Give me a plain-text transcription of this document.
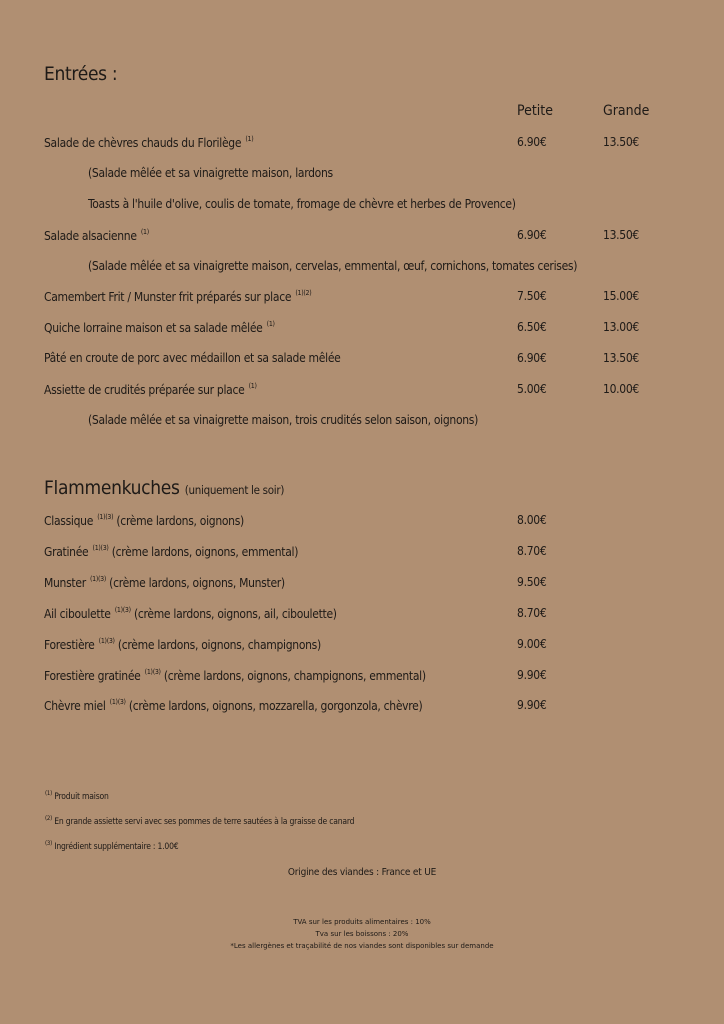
Entrées :
Petite	Grande
Salade de chèvres chauds du Florilège $^{(1)}$	6.90€	13.50€
(Salade mêlée et sa vinaigrette maison, lardons
Toasts à l'huile d'olive, coulis de tomate, fromage de chèvre et herbes de Provence)
Salade alsacienne $^{(1)}$	6.90€	13.50€
(Salade mêlée et sa vinaigrette maison, cervelas, emmental, œuf, cornichons, tomates cerises)
Camembert Frit / Munster frit préparés sur place $^{(1)(2)}$	7.50€	15.00€
Quiche lorraine maison et sa salade mêlée $^{(1)}$	6.50€	13.00€
Pâté en croute de porc avec médaillon et sa salade mêlée	6.90€	13.50€
Assiette de crudités préparée sur place $^{(1)}$	5.00€	10.00€
(Salade mêlée et sa vinaigrette maison, trois crudités selon saison, oignons)
Flammenkuches (uniquement le soir)
Classique $^{(1)(3)}$ (crème lardons, oignons)	8.00€
Gratinée $^{(1)(3)}$ (crème lardons, oignons, emmental)	8.70€
Munster $^{(1)(3)}$ (crème lardons, oignons, Munster)	9.50€
Ail ciboulette $^{(1)(3)}$ (crème lardons, oignons, ail, ciboulette)	8.70€
Forestière $^{(1)(3)}$ (crème lardons, oignons, champignons)	9.00€
Forestière gratinée $^{(1)(3)}$ (crème lardons, oignons, champignons, emmental)	9.90€
Chèvre miel $^{(1)(3)}$ (crème lardons, oignons, mozzarella, gorgonzola, chèvre)	9.90€
$^{(1)}$ Produit maison
$^{(2)}$ En grande assiette servi avec ses pommes de terre sautées à la graisse de canard
$^{(3)}$ Ingrédient supplémentaire : 1.00€
Origine des viandes : France et UE
TVA sur les produits alimentaires : 10%
Tva sur les boissons : 20%
*Les allergènes et traçabilité de nos viandes sont disponibles sur demande
